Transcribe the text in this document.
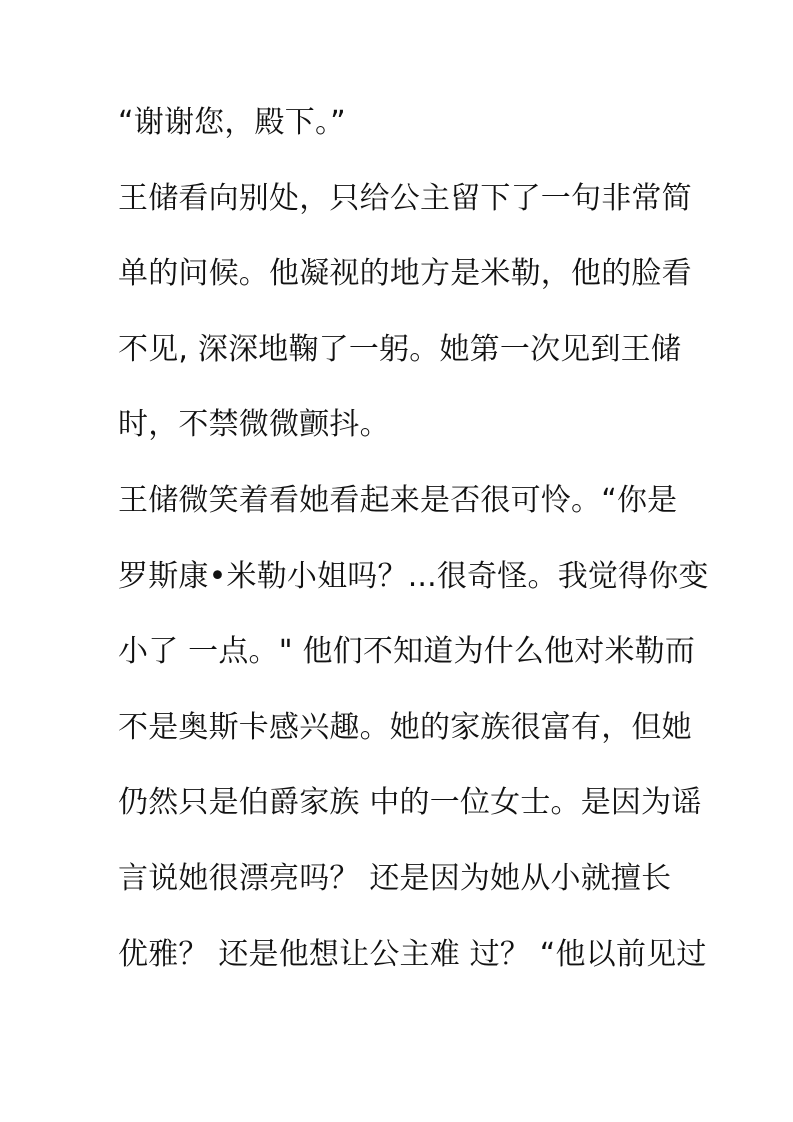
“谢谢您，殿下。”
王储看向别处，只给公主留下了一句非常简
单的问候。他凝视的地方是米勒，他的脸看
不见, 深深地鞠了一躬。她第一次见到王储
时，不禁微微颤抖。
王储微笑着看她看起来是否很可怜。“你是
罗斯康•米勒小姐吗？...很奇怪。我觉得你变
小了 一点。" 他们不知道为什么他对米勒而
不是奥斯卡感兴趣。她的家族很富有，但她
仍然只是伯爵家族 中的一位女士。是因为谣
言说她很漂亮吗？ 还是因为她从小就擅长
优雅？ 还是他想让公主难 过？ “他以前见过
